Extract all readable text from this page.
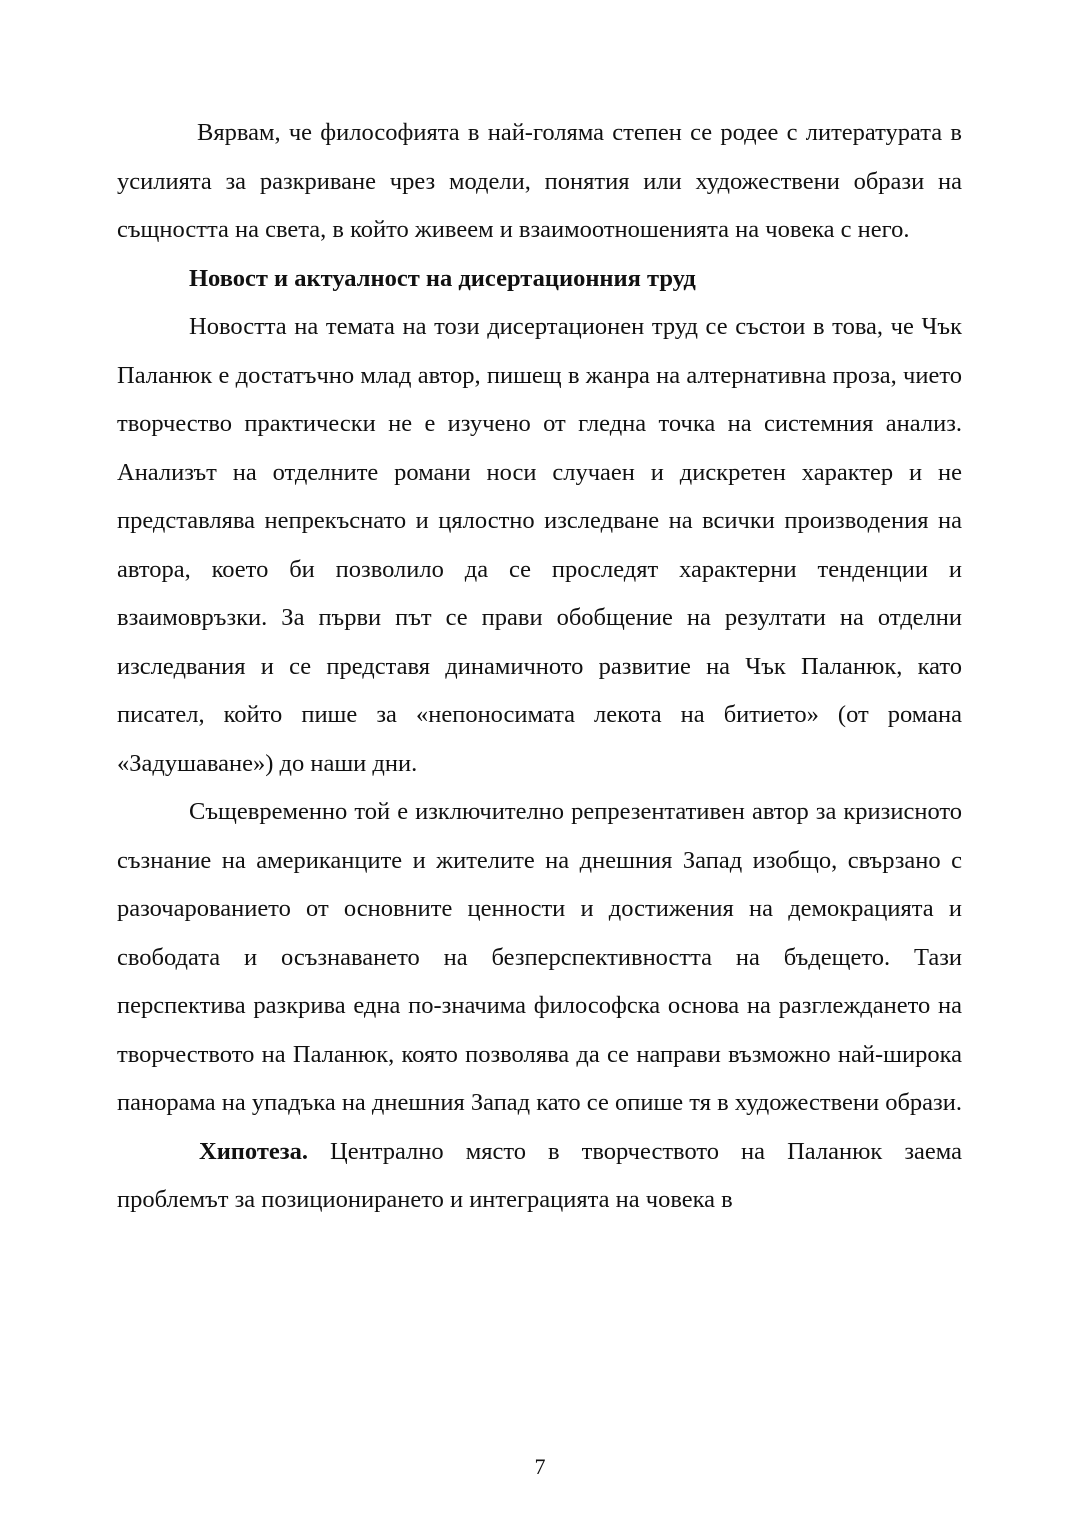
Вярвам, че философията в най-голяма степен се родее с литературата в усилията за разкриване чрез модели, понятия или художествени образи на същността на света, в който живеем и взаимоотношенията на човека с него.

Новост и актуалност на дисертационния труд

Новостта на темата на този дисертационен труд се състои в това, че Чък Паланюк е достатъчно млад автор, пишещ в жанра на алтернативна проза, чието творчество практически не е изучено от гледна точка на системния анализ. Анализът на отделните романи носи случаен и дискретен характер и не представлява непрекъснато и цялостно изследване на всички производения на автора, което би позволило да се проследят характерни тенденции и взаимовръзки. За първи път се прави обобщение на резултати на отделни изследвания и се представя динамичното развитие на Чък Паланюк, като писател, който пише за «непоносимата лекота на битието» (от романа «Задушаване») до наши дни.

Същевременно той е изключително репрезентативен автор за кризисното съзнание на американците и жителите на днешния Запад изобщо, свързано с разочарованието от основните ценности и достижения на демокрацията и свободата и осъзнаването на безперспективността на бъдещето. Тази перспектива разкрива една по-значима философска основа на разглеждането на творчеството на Паланюк, която позволява да се направи възможно най-широка панорама на упадъка на днешния Запад като се опише тя в художествени образи.

Хипотеза. Централно място в творчеството на Паланюк заема проблемът за позиционирането и интеграцията на човека в

7
